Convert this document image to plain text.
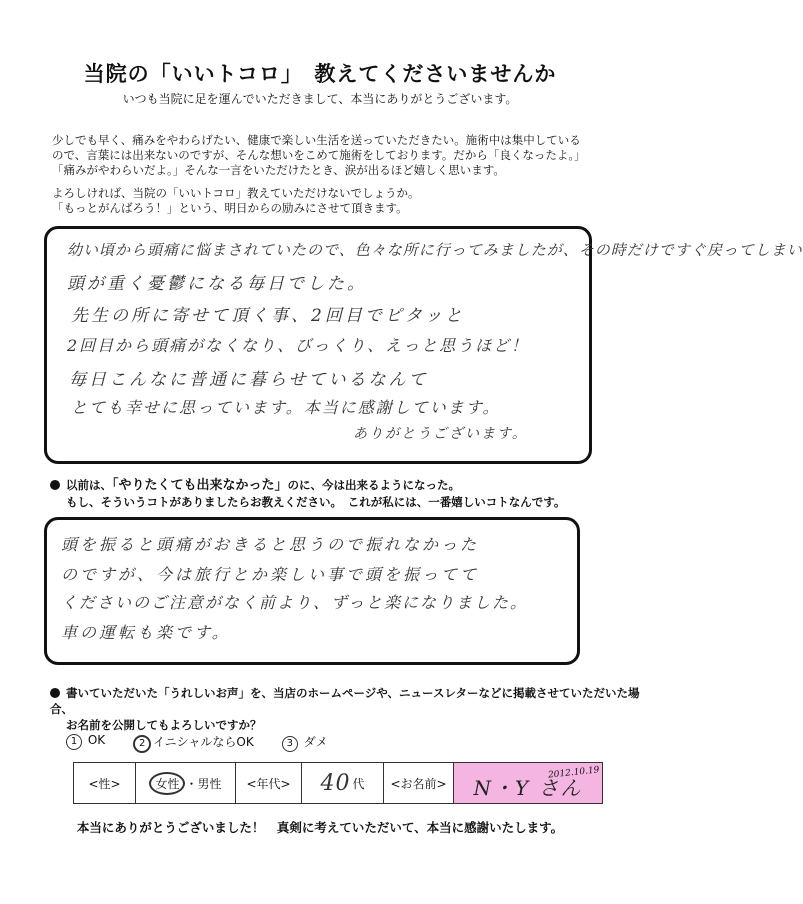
当院の「いいトコロ」　教えてくださいませんか
いつも当院に足を運んでいただきまして、本当にありがとうございます。
少しでも早く、痛みをやわらげたい、健康で楽しい生活を送っていただきたい。施術中は集中している
ので、言葉には出来ないのですが、そんな想いをこめて施術をしております。だから「良くなったよ。」
「痛みがやわらいだよ。」そんな一言をいただけたとき、涙が出るほど嬉しく思います。
よろしければ、当院の「いいトコロ」教えていただけないでしょうか。
「もっとがんばろう！」という、明日からの励みにさせて頂きます。
幼い頃から頭痛に悩まされていたので、色々な所に行ってみましたが、その時だけですぐ戻ってしまい
頭が重く憂鬱になる毎日でした。
先生の所に寄せて頂く事、2回目でピタッと
2回目から頭痛がなくなり、びっくり、えっと思うほど！
毎日こんなに普通に暮らせているなんて
とても幸せに思っています。本当に感謝しています。
ありがとうございます。
以前は、「やりたくても出来なかった」のに、今は出来るようになった。
もし、そういうコトがありましたらお教えください。　これが私には、一番嬉しいコトなんです。
頭を振ると頭痛がおきると思うので振れなかった
のですが、今は旅行とか楽しい事で頭を振ってて
くださいのご注意がなく前より、ずっと楽になりました。
車の運転も楽です。
書いていただいた「うれしいお声」を、当店のホームページや、ニュースレターなどに掲載させていただいた場合、
お名前を公開してもよろしいですか？
1 OK	2 イニシャルならOK	3 ダメ
<性>	女性 ・ 男性	<年代>	40 代	<お名前>	N・Y さん
2012.10.19
本当にありがとうございました！　真剣に考えていただいて、本当に感謝いたします。
